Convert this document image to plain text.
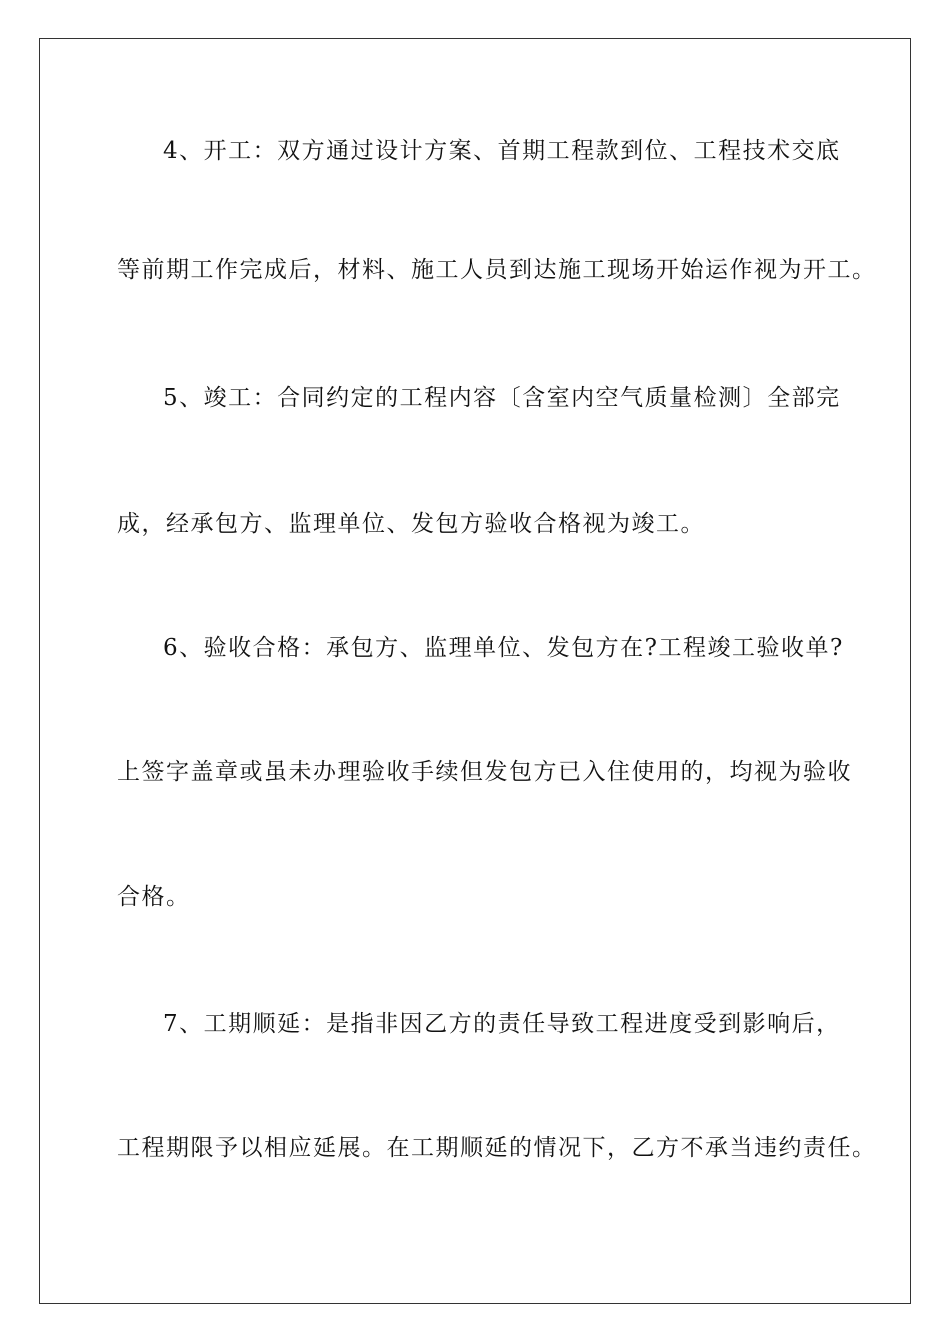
4、开工：双方通过设计方案、首期工程款到位、工程技术交底
等前期工作完成后，材料、施工人员到达施工现场开始运作视为开工。
5、竣工：合同约定的工程内容〔含室内空气质量检测〕全部完
成，经承包方、监理单位、发包方验收合格视为竣工。
6、验收合格：承包方、监理单位、发包方在?工程竣工验收单?
上签字盖章或虽未办理验收手续但发包方已入住使用的，均视为验收
合格。
7、工期顺延：是指非因乙方的责任导致工程进度受到影响后，
工程期限予以相应延展。在工期顺延的情况下，乙方不承当违约责任。
